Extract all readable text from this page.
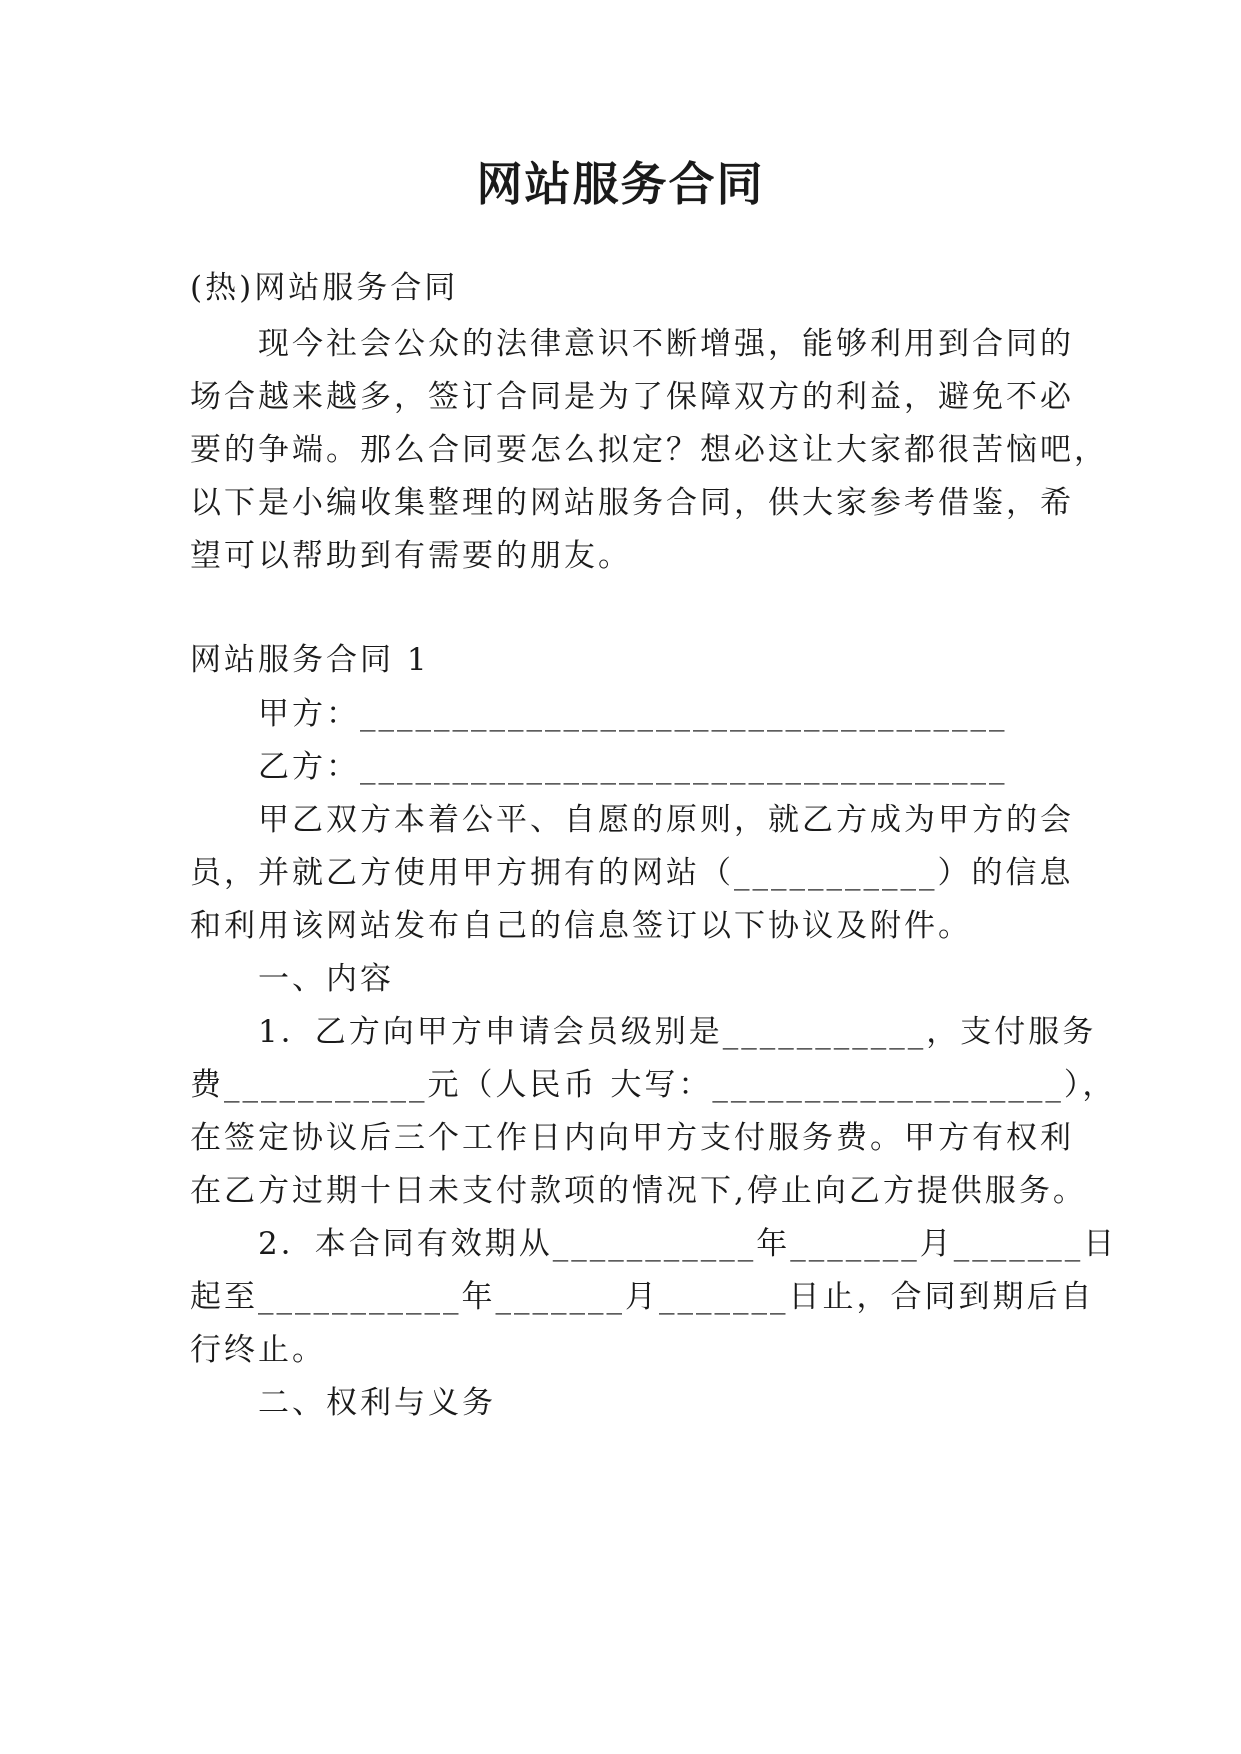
网站服务合同
(热)网站服务合同
现今社会公众的法律意识不断增强，能够利用到合同的
场合越来越多，签订合同是为了保障双方的利益，避免不必
要的争端。那么合同要怎么拟定？想必这让大家都很苦恼吧，
以下是小编收集整理的网站服务合同，供大家参考借鉴，希
望可以帮助到有需要的朋友。
网站服务合同 1
甲方：___________________________________
乙方：___________________________________
甲乙双方本着公平、自愿的原则，就乙方成为甲方的会
员，并就乙方使用甲方拥有的网站（___________）的信息
和利用该网站发布自己的信息签订以下协议及附件。
一、内容
1．乙方向甲方申请会员级别是___________，支付服务
费___________元（人民币 大写：___________________），
在签定协议后三个工作日内向甲方支付服务费。甲方有权利
在乙方过期十日未支付款项的情况下,停止向乙方提供服务。
2．本合同有效期从___________年_______月_______日
起至___________年_______月_______日止，合同到期后自
行终止。
二、权利与义务
